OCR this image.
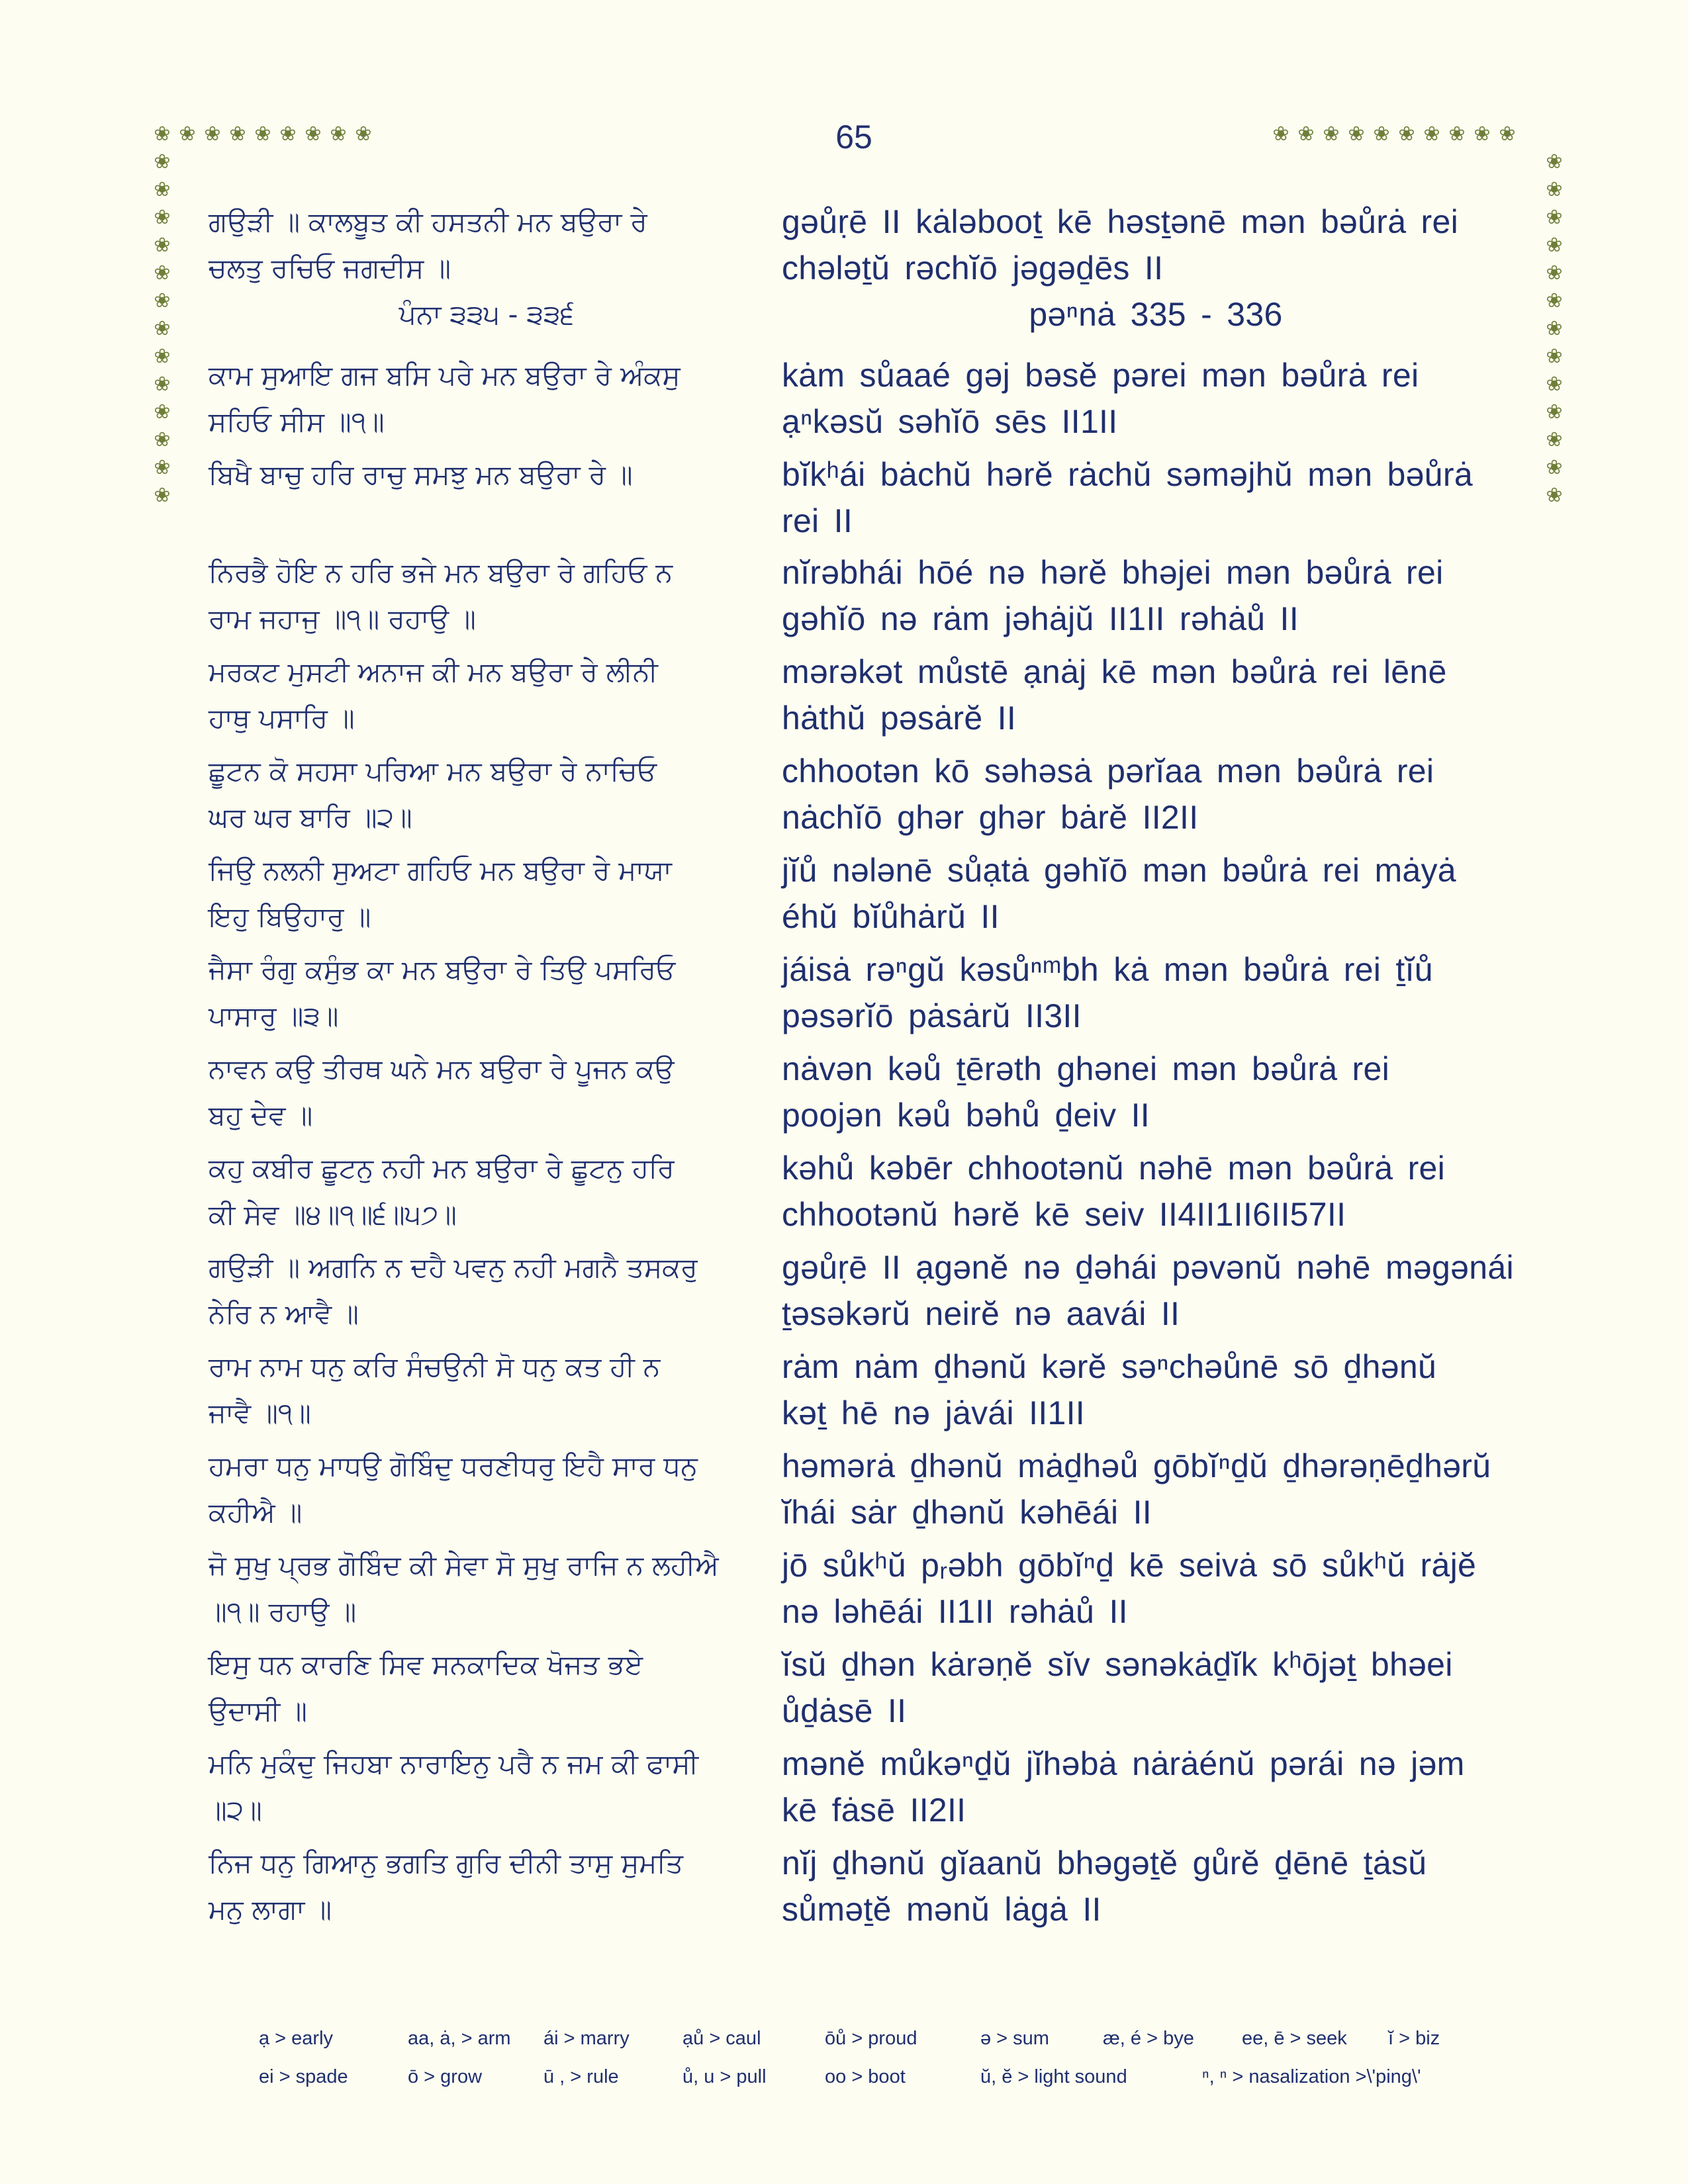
65
❀ ❀ ❀ ❀ ❀ ❀ ❀ ❀ ❀	❀ ❀ ❀ ❀ ❀ ❀ ❀ ❀ ❀ ❀
❀
❀
❀
❀
❀
❀
❀
❀
❀
❀
❀
❀
❀
❀
❀
❀
❀
❀
❀
❀
❀
❀
❀
❀
❀
❀
ਗਉੜੀ ॥ ਕਾਲਬੂਤ ਕੀ ਹਸਤਨੀ ਮਨ ਬਉਰਾ ਰੇ
ਚਲਤੁ ਰਚਿਓ ਜਗਦੀਸ ॥
ਪੰਨਾ ੩੩੫ - ੩੩੬
ਕਾਮ ਸੁਆਇ ਗਜ ਬਸਿ ਪਰੇ ਮਨ ਬਉਰਾ ਰੇ ਅੰਕਸੁ
ਸਹਿਓ ਸੀਸ ॥੧॥
ਬਿਖੈ ਬਾਚੁ ਹਰਿ ਰਾਚੁ ਸਮਝੁ ਮਨ ਬਉਰਾ ਰੇ ॥
ਨਿਰਭੈ ਹੋਇ ਨ ਹਰਿ ਭਜੇ ਮਨ ਬਉਰਾ ਰੇ ਗਹਿਓ ਨ
ਰਾਮ ਜਹਾਜੁ ॥੧॥ ਰਹਾਉ ॥
ਮਰਕਟ ਮੁਸਟੀ ਅਨਾਜ ਕੀ ਮਨ ਬਉਰਾ ਰੇ ਲੀਨੀ
ਹਾਥੁ ਪਸਾਰਿ ॥
ਛੂਟਨ ਕੋ ਸਹਸਾ ਪਰਿਆ ਮਨ ਬਉਰਾ ਰੇ ਨਾਚਿਓ
ਘਰ ਘਰ ਬਾਰਿ ॥੨॥
ਜਿਉ ਨਲਨੀ ਸੁਅਟਾ ਗਹਿਓ ਮਨ ਬਉਰਾ ਰੇ ਮਾਯਾ
ਇਹੁ ਬਿਉਹਾਰੁ ॥
ਜੈਸਾ ਰੰਗੁ ਕਸੁੰਭ ਕਾ ਮਨ ਬਉਰਾ ਰੇ ਤਿਉ ਪਸਰਿਓ
ਪਾਸਾਰੁ ॥੩॥
ਨਾਵਨ ਕਉ ਤੀਰਥ ਘਨੇ ਮਨ ਬਉਰਾ ਰੇ ਪੂਜਨ ਕਉ
ਬਹੁ ਦੇਵ ॥
ਕਹੁ ਕਬੀਰ ਛੂਟਨੁ ਨਹੀ ਮਨ ਬਉਰਾ ਰੇ ਛੂਟਨੁ ਹਰਿ
ਕੀ ਸੇਵ ॥੪॥੧॥੬॥੫੭॥
ਗਉੜੀ ॥ ਅਗਨਿ ਨ ਦਹੈ ਪਵਨੁ ਨਹੀ ਮਗਨੈ ਤਸਕਰੁ
ਨੇਰਿ ਨ ਆਵੈ ॥
ਰਾਮ ਨਾਮ ਧਨੁ ਕਰਿ ਸੰਚਉਨੀ ਸੋ ਧਨੁ ਕਤ ਹੀ ਨ
ਜਾਵੈ ॥੧॥
ਹਮਰਾ ਧਨੁ ਮਾਧਉ ਗੋਬਿੰਦੁ ਧਰਣੀਧਰੁ ਇਹੈ ਸਾਰ ਧਨੁ
ਕਹੀਐ ॥
ਜੋ ਸੁਖੁ ਪ੍ਰਭ ਗੋਬਿੰਦ ਕੀ ਸੇਵਾ ਸੋ ਸੁਖੁ ਰਾਜਿ ਨ ਲਹੀਐ
॥੧॥ ਰਹਾਉ ॥
ਇਸੁ ਧਨ ਕਾਰਣਿ ਸਿਵ ਸਨਕਾਦਿਕ ਖੋਜਤ ਭਏ
ਉਦਾਸੀ ॥
ਮਨਿ ਮੁਕੰਦੁ ਜਿਹਬਾ ਨਾਰਾਇਨੁ ਪਰੈ ਨ ਜਮ ਕੀ ਫਾਸੀ
॥੨॥
ਨਿਜ ਧਨੁ ਗਿਆਨੁ ਭਗਤਿ ਗੁਰਿ ਦੀਨੀ ਤਾਸੁ ਸੁਮਤਿ
ਮਨੁ ਲਾਗਾ ॥
gəůṛē II kȧləbooṯ kē həsṯənē mən bəůrȧ rei
chələṯŭ rəchĭō jəgəḏēs II
pəⁿnȧ 335 - 336
kȧm sůaaé gəj bəsĕ pərei mən bəůrȧ rei
ạⁿkəsŭ səhĭō sēs II1II
bĭkʰái bȧchŭ hərĕ rȧchŭ səməjhŭ mən bəůrȧ
rei II
nĭrəbhái hōé nə hərĕ bhəjei mən bəůrȧ rei
gəhĭō nə rȧm jəhȧjŭ II1II rəhȧů II
mərəkət můstē ạnȧj kē mən bəůrȧ rei lēnē
hȧthŭ pəsȧrĕ II
chhootən kō səhəsȧ pərĭaa mən bəůrȧ rei
nȧchĭō ghər ghər bȧrĕ II2II
jĭů nələnē sůạtȧ gəhĭō mən bəůrȧ rei mȧyȧ
éhŭ bĭůhȧrŭ II
jáisȧ rəⁿgŭ kəsůⁿᵐbh kȧ mən bəůrȧ rei ṯĭů
pəsərĭō pȧsȧrŭ II3II
nȧvən kəů ṯērəth ghənei mən bəůrȧ rei
poojən kəů bəhů ḏeiv II
kəhů kəbēr chhootənŭ nəhē mən bəůrȧ rei
chhootənŭ hərĕ kē seiv II4II1II6II57II
gəůṛē II ạgənĕ nə ḏəhái pəvənŭ nəhē məgənái
ṯəsəkərŭ neirĕ nə aavái II
rȧm nȧm ḏhənŭ kərĕ səⁿchəůnē sō ḏhənŭ
kəṯ hē nə jȧvái II1II
həmərȧ ḏhənŭ mȧḏhəů gōbĭⁿḏŭ ḏhərəṇēḏhərŭ
ĭhái sȧr ḏhənŭ kəhēái II
jō sůkʰŭ pᵣəbh gōbĭⁿḏ kē seivȧ sō sůkʰŭ rȧjĕ
nə ləhēái II1II rəhȧů II
ĭsŭ ḏhən kȧrəṇĕ sĭv sənəkȧḏĭk kʰōjəṯ bhəei
ůḏȧsē II
mənĕ můkəⁿḏŭ jĭhəbȧ nȧrȧénŭ pərái nə jəm
kē fȧsē II2II
nĭj ḏhənŭ gĭaanŭ bhəgəṯĕ gůrĕ ḏēnē ṯȧsŭ
sůməṯĕ mənŭ lȧgȧ II
ạ > early	aa, ȧ, > arm ái > marry	ạů > caul	ōů > proud	ə > sum	æ, é > bye ee, ē > seek ĭ > biz
ei > spade	ō > grow	ū , > rule	ů, u > pull	oo > boot	ŭ, ĕ > light sound	ⁿ, ⁿ > nasalization >\'ping\'
